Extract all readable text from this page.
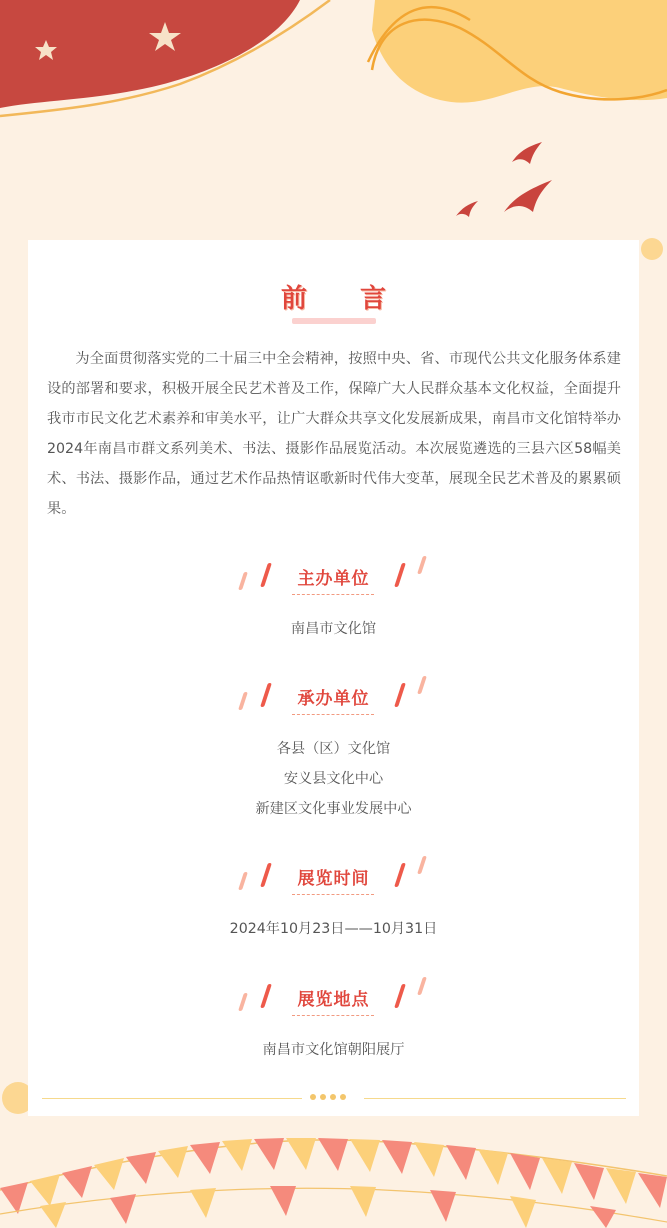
前 言

为全面贯彻落实党的二十届三中全会精神，按照中央、省、市现代公共文化服务体系建设的部署和要求，积极开展全民艺术普及工作，保障广大人民群众基本文化权益，全面提升我市市民文化艺术素养和审美水平，让广大群众共享文化发展新成果，南昌市文化馆特举办2024年南昌市群文系列美术、书法、摄影作品展览活动。本次展览遴选的三县六区58幅美术、书法、摄影作品，通过艺术作品热情讴歌新时代伟大变革，展现全民艺术普及的累累硕果。

主办单位
南昌市文化馆
承办单位
各县（区）文化馆
安义县文化中心
新建区文化事业发展中心
展览时间
2024年10月23日——10月31日
展览地点
南昌市文化馆朝阳展厅
